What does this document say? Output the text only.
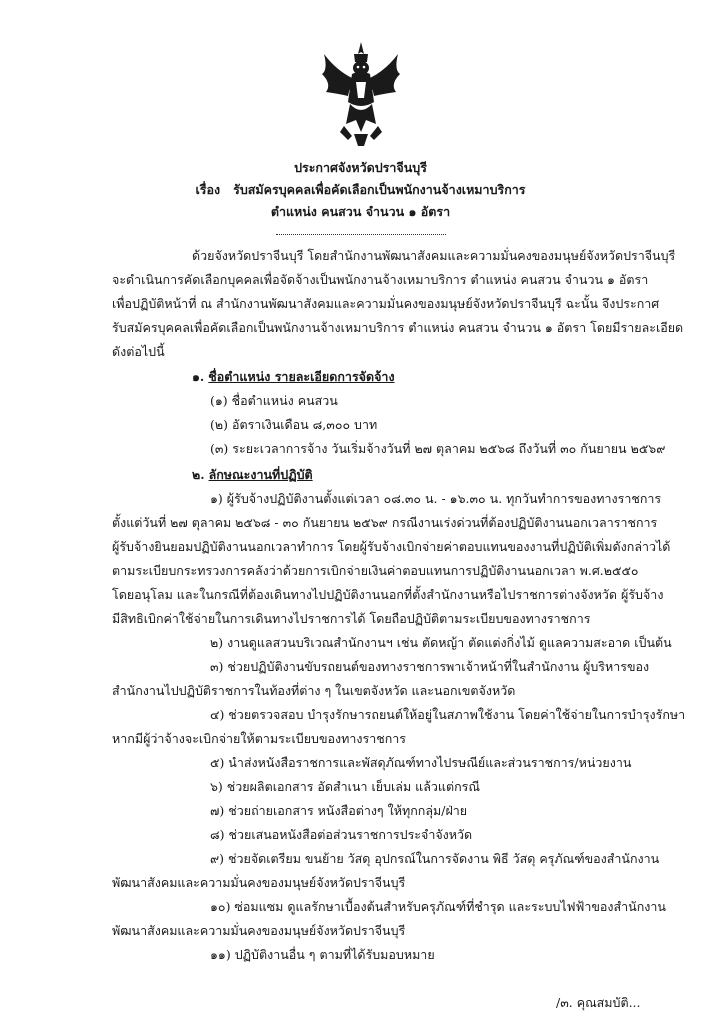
ประกาศจังหวัดปราจีนบุรี
เรื่อง รับสมัครบุคคลเพื่อคัดเลือกเป็นพนักงานจ้างเหมาบริการ
ตำแหน่ง คนสวน จำนวน ๑ อัตรา
ด้วยจังหวัดปราจีนบุรี โดยสำนักงานพัฒนาสังคมและความมั่นคงของมนุษย์จังหวัดปราจีนบุรี
จะดำเนินการคัดเลือกบุคคลเพื่อจัดจ้างเป็นพนักงานจ้างเหมาบริการ ตำแหน่ง คนสวน จำนวน ๑ อัตรา
เพื่อปฏิบัติหน้าที่ ณ สำนักงานพัฒนาสังคมและความมั่นคงของมนุษย์จังหวัดปราจีนบุรี ฉะนั้น จึงประกาศ
รับสมัครบุคคลเพื่อคัดเลือกเป็นพนักงานจ้างเหมาบริการ ตำแหน่ง คนสวน จำนวน ๑ อัตรา โดยมีรายละเอียด
ดังต่อไปนี้
๑. ชื่อตำแหน่ง รายละเอียดการจัดจ้าง
(๑) ชื่อตำแหน่ง คนสวน
(๒) อัตราเงินเดือน ๘,๓๐๐ บาท
(๓) ระยะเวลาการจ้าง วันเริ่มจ้างวันที่ ๒๗ ตุลาคม ๒๕๖๘ ถึงวันที่ ๓๐ กันยายน ๒๕๖๙
๒. ลักษณะงานที่ปฏิบัติ
๑) ผู้รับจ้างปฏิบัติงานตั้งแต่เวลา ๐๘.๓๐ น. - ๑๖.๓๐ น. ทุกวันทำการของทางราชการ
ตั้งแต่วันที่ ๒๗ ตุลาคม ๒๕๖๘ - ๓๐ กันยายน ๒๕๖๙ กรณีงานเร่งด่วนที่ต้องปฏิบัติงานนอกเวลาราชการ
ผู้รับจ้างยินยอมปฏิบัติงานนอกเวลาทำการ โดยผู้รับจ้างเบิกจ่ายค่าตอบแทนของงานที่ปฏิบัติเพิ่มดังกล่าวได้
ตามระเบียบกระทรวงการคลังว่าด้วยการเบิกจ่ายเงินค่าตอบแทนการปฏิบัติงานนอกเวลา พ.ศ.๒๕๕๐
โดยอนุโลม และในกรณีที่ต้องเดินทางไปปฏิบัติงานนอกที่ตั้งสำนักงานหรือไปราชการต่างจังหวัด ผู้รับจ้าง
มีสิทธิเบิกค่าใช้จ่ายในการเดินทางไปราชการได้ โดยถือปฏิบัติตามระเบียบของทางราชการ
๒) งานดูแลสวนบริเวณสำนักงานฯ เช่น ตัดหญ้า ตัดแต่งกิ่งไม้ ดูแลความสะอาด เป็นต้น
๓) ช่วยปฏิบัติงานขับรถยนต์ของทางราชการพาเจ้าหน้าที่ในสำนักงาน ผู้บริหารของ
สำนักงานไปปฏิบัติราชการในท้องที่ต่าง ๆ ในเขตจังหวัด และนอกเขตจังหวัด
๔) ช่วยตรวจสอบ บำรุงรักษารถยนต์ให้อยู่ในสภาพใช้งาน โดยค่าใช้จ่ายในการบำรุงรักษา
หากมีผู้ว่าจ้างจะเบิกจ่ายให้ตามระเบียบของทางราชการ
๕) นำส่งหนังสือราชการและพัสดุภัณฑ์ทางไปรษณีย์และส่วนราชการ/หน่วยงาน
๖) ช่วยผลิตเอกสาร อัดสำเนา เย็บเล่ม แล้วแต่กรณี
๗) ช่วยถ่ายเอกสาร หนังสือต่างๆ ให้ทุกกลุ่ม/ฝ่าย
๘) ช่วยเสนอหนังสือต่อส่วนราชการประจำจังหวัด
๙) ช่วยจัดเตรียม ขนย้าย วัสดุ อุปกรณ์ในการจัดงาน พิธี วัสดุ ครุภัณฑ์ของสำนักงาน
พัฒนาสังคมและความมั่นคงของมนุษย์จังหวัดปราจีนบุรี
๑๐) ซ่อมแซม ดูแลรักษาเบื้องต้นสำหรับครุภัณฑ์ที่ชำรุด และระบบไฟฟ้าของสำนักงาน
พัฒนาสังคมและความมั่นคงของมนุษย์จังหวัดปราจีนบุรี
๑๑) ปฏิบัติงานอื่น ๆ ตามที่ได้รับมอบหมาย
/๓. คุณสมบัติ...
